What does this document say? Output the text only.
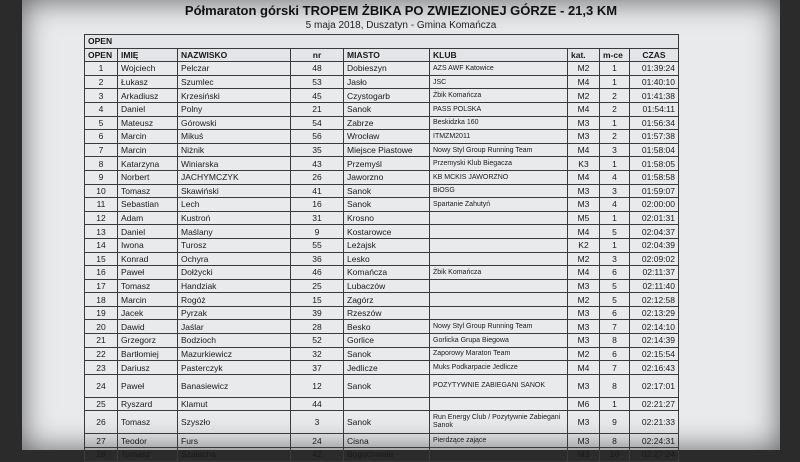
Półmaraton górski TROPEM ŻBIKA PO ZWIEZIONEJ GÓRZE - 21,3 KM
5 maja 2018, Duszatyn - Gmina Komańcza
OPEN								
OPEN	IMIĘ	NAZWISKO	nr	MIASTO	KLUB	kat.	m-ce	CZAS
1	Wojciech	Pelczar	48	Dobieszyn	AZS AWF Katowice	M2	1	01:39:24
2	Łukasz	Szumlec	53	Jasło	JSC	M4	1	01:40:10
3	Arkadiusz	Krzesiński	45	Czystogarb	Żbik Komańcza	M2	2	01:41:38
4	Daniel	Polny	21	Sanok	PASS POLSKA	M4	2	01:54:11
5	Mateusz	Górowski	54	Zabrze	Beskidzka 160	M3	1	01:56:34
6	Marcin	Mikuś	56	Wrocław	ITMZM2011	M3	2	01:57:38
7	Marcin	Niżnik	35	Miejsce Piastowe	Nowy Styl Group Running Team	M4	3	01:58:04
8	Katarzyna	Winiarska	43	Przemyśl	Przemyski Klub Biegacza	K3	1	01:58:05
9	Norbert	JACHYMCZYK	26	Jaworzno	KB MCKIS JAWORZNO	M4	4	01:58:58
10	Tomasz	Skawiński	41	Sanok	BiOSG	M3	3	01:59:07
11	Sebastian	Lech	16	Sanok	Spartanie Zahutyń	M3	4	02:00:00
12	Adam	Kustroń	31	Krosno		M5	1	02:01:31
13	Daniel	Maślany	9	Kostarowce		M4	5	02:04:37
14	Iwona	Turosz	55	Leżajsk		K2	1	02:04:39
15	Konrad	Ochyra	36	Lesko		M2	3	02:09:02
16	Paweł	Dołżycki	46	Komańcza	Żbik Komańcza	M4	6	02:11:37
17	Tomasz	Handziak	25	Lubaczów		M3	5	02:11:40
18	Marcin	Rogóż	15	Zagórz		M2	5	02:12:58
19	Jacek	Pyrzak	39	Rzeszów		M3	6	02:13:29
20	Dawid	Jaślar	28	Besko	Nowy Styl Group Running Team	M3	7	02:14:10
21	Grzegorz	Bodzioch	52	Gorlice	Gorlicka Grupa Biegowa	M3	8	02:14:39
22	Bartłomiej	Mazurkiewicz	32	Sanok	Zaporowy Maraton Team	M2	6	02:15:54
23	Dariusz	Pasterczyk	37	Jedlicze	Muks Podkarpacie Jedlicze	M4	7	02:16:43
24	Paweł	Banasiewicz	12	Sanok	POZYTYWNIE ZABIEGANI SANOK	M3	8	02:17:01
25	Ryszard	Klamut	44			M6	1	02:21:27
26	Tomasz	Szyszło	3	Sanok	Run Energy Club / Pozytywnie Zabiegani Sanok	M3	9	02:21:33
27	Teodor	Furs	24	Cisna	Pierdzące zające	M3	8	02:24:31
28	Tomasz	Szałacha	42	Boguchwała		M3	10	02:27:24
